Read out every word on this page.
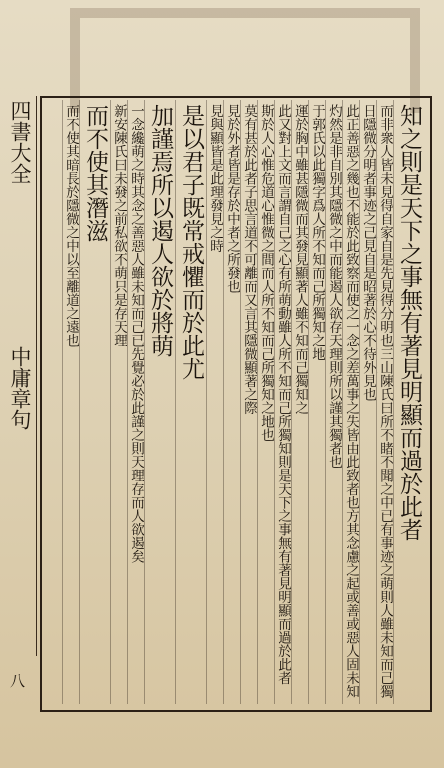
四書大全
中庸章句
八
知之則是天下之事無有著見明顯而過於此者
而非衆人皆未見得自家自是先見得分明也三山陳氏曰所不睹不聞之中已有事迹之萌則人雖未知而己獨
日隱微分明者事迹之己見自是昭著於心不待外見也
此正善惡之幾也不能於此致察而使之一念之差萬事之失皆由此致者也方其念慮之起或善或惡人固未知
灼然是非自別其隱微之中而能遏人欲存天理則所以謹其獨者也
于郭氏以此獨字爲人所不知而己所獨知之地
運於胸中雖甚隱微而其發見顯著人雖不知而己獨知之
此又對上文而言謂自己之心有所萌動雖人所不知而己所獨知則是天下之事無有著見明顯而過於此者
斯於人心惟危道心惟微之間而人所不知而己所獨知之地也
莫有甚於此者子思言道不可離而又言其隱微顯著之際
見於外者皆是存於中者之所發也
見與顯皆是此理發見之時
是以君子既常戒懼而於此尤
加謹焉所以遏人欲於將萌
一念纔萌之時其念之善惡人雖未知而己已先覺必於此謹之則天理存而人欲遏矣
新安陳氏曰未發之前私欲不萌只是存天理
而不使其潛滋
而不使其暗長於隱微之中以至離道之遠也
